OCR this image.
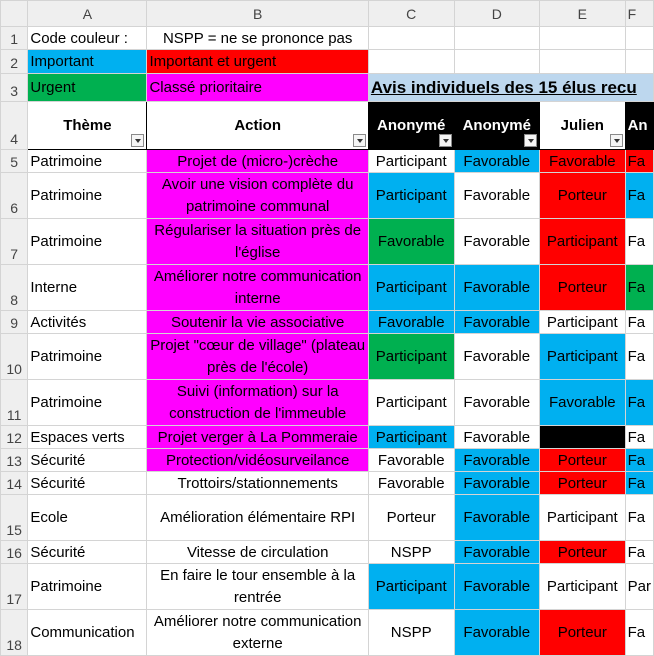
	A	B	C	D	E	F
1	Code couleur :	NSPP = ne se prononce pas				
2	Important	Important et urgent				
3	Urgent	Classé prioritaire	Avis individuels des 15 élus recu			
4	Thème	Action	Anonymé	Anonymé	Julien	An
5	Patrimoine	Projet de (micro-)crèche	Participant	Favorable	Favorable	Fa
6	Patrimoine	Avoir une vision complète du patrimoine communal	Participant	Favorable	Porteur	Fa
7	Patrimoine	Régulariser la situation près de l'église	Favorable	Favorable	Participant	Fa
8	Interne	Améliorer notre communication interne	Participant	Favorable	Porteur	Fa
9	Activités	Soutenir la vie associative	Favorable	Favorable	Participant	Fa
10	Patrimoine	Projet "cœur de village" (plateau près de l'école)	Participant	Favorable	Participant	Fa
11	Patrimoine	Suivi (information) sur la construction de l'immeuble	Participant	Favorable	Favorable	Fa
12	Espaces verts	Projet verger à La Pommeraie	Participant	Favorable		Fa
13	Sécurité	Protection/vidéosurveilance	Favorable	Favorable	Porteur	Fa
14	Sécurité	Trottoirs/stationnements	Favorable	Favorable	Porteur	Fa
15	Ecole	Amélioration élémentaire RPI	Porteur	Favorable	Participant	Fa
16	Sécurité	Vitesse de circulation	NSPP	Favorable	Porteur	Fa
17	Patrimoine	En faire le tour ensemble à la rentrée	Participant	Favorable	Participant	Par
18	Communication	Améliorer notre communication externe	NSPP	Favorable	Porteur	Fa
